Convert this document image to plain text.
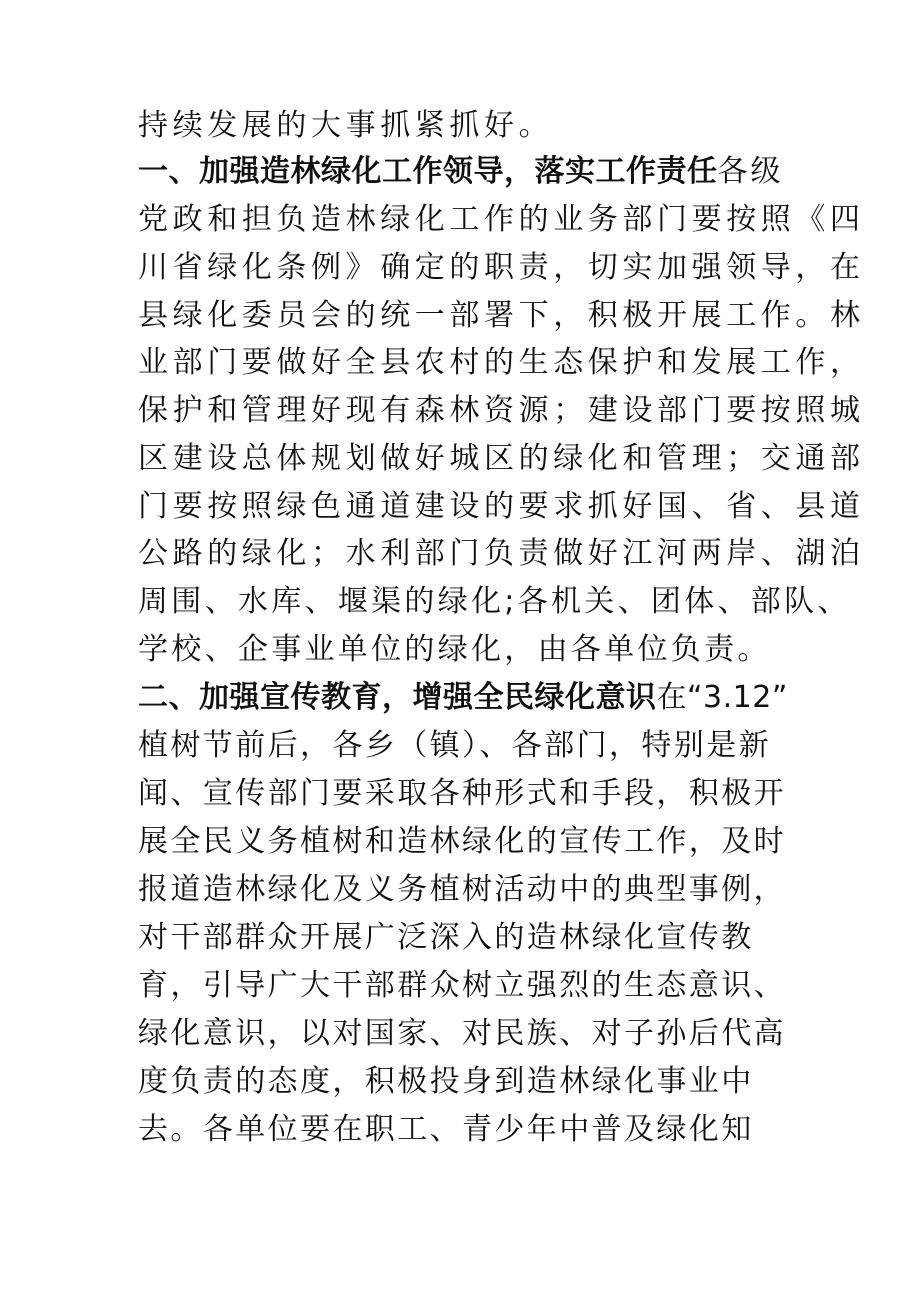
持续发展的大事抓紧抓好。
一、加强造林绿化工作领导，落实工作责任各级
党政和担负造林绿化工作的业务部门要按照《四
川省绿化条例》确定的职责，切实加强领导，在
县绿化委员会的统一部署下，积极开展工作。林
业部门要做好全县农村的生态保护和发展工作，
保护和管理好现有森林资源；建设部门要按照城
区建设总体规划做好城区的绿化和管理；交通部
门要按照绿色通道建设的要求抓好国、省、县道
公路的绿化；水利部门负责做好江河两岸、湖泊
周围、水库、堰渠的绿化;各机关、团体、部队、
学校、企事业单位的绿化，由各单位负责。
二、加强宣传教育，增强全民绿化意识在“3.12”
植树节前后，各乡（镇）、各部门，特别是新
闻、宣传部门要采取各种形式和手段，积极开
展全民义务植树和造林绿化的宣传工作，及时
报道造林绿化及义务植树活动中的典型事例，
对干部群众开展广泛深入的造林绿化宣传教
育，引导广大干部群众树立强烈的生态意识、
绿化意识，以对国家、对民族、对子孙后代高
度负责的态度，积极投身到造林绿化事业中
去。各单位要在职工、青少年中普及绿化知
